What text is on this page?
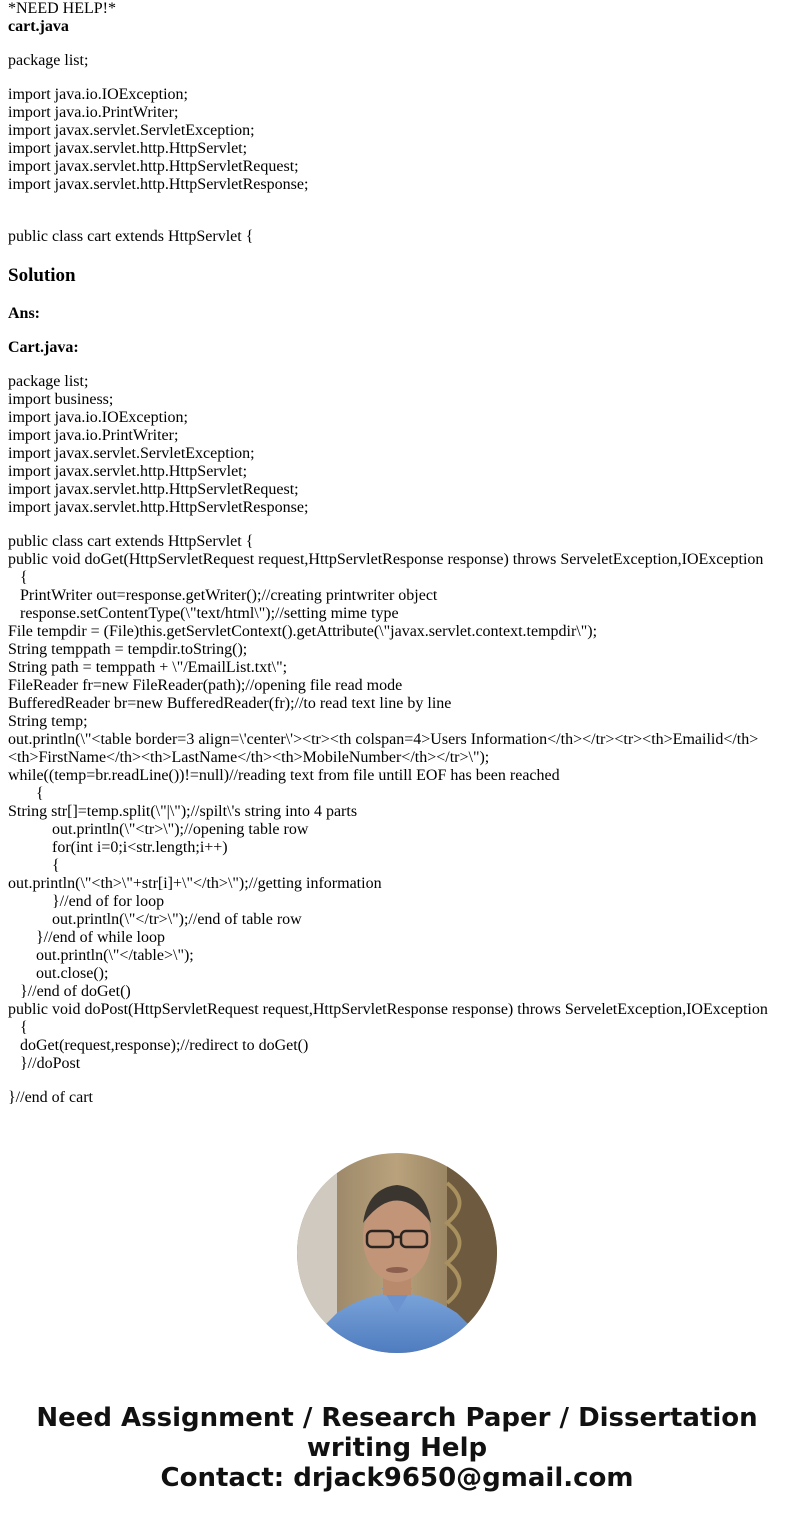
*NEED HELP!*
cart.java
package list;
import java.io.IOException;
import java.io.PrintWriter;
import javax.servlet.ServletException;
import javax.servlet.http.HttpServlet;
import javax.servlet.http.HttpServletRequest;
import javax.servlet.http.HttpServletResponse;
public class cart extends HttpServlet {
Solution
Ans:
Cart.java:
package list;
import business;
import java.io.IOException;
import java.io.PrintWriter;
import javax.servlet.ServletException;
import javax.servlet.http.HttpServlet;
import javax.servlet.http.HttpServletRequest;
import javax.servlet.http.HttpServletResponse;
public class cart extends HttpServlet {
public void doGet(HttpServletRequest request,HttpServletResponse response) throws ServeletException,IOException
{
PrintWriter out=response.getWriter();//creating printwriter object
response.setContentType(\"text/html\");//setting mime type
File tempdir = (File)this.getServletContext().getAttribute(\"javax.servlet.context.tempdir\");
String temppath = tempdir.toString();
String path = temppath + \"/EmailList.txt\";
FileReader fr=new FileReader(path);//opening file read mode
BufferedReader br=new BufferedReader(fr);//to read text line by line
String temp;
out.println(\"<table border=3 align=\'center\'><tr><th colspan=4>Users Information</th></tr><tr><th>Emailid</th>
<th>FirstName</th><th>LastName</th><th>MobileNumber</th></tr>\");
while((temp=br.readLine())!=null)//reading text from file untill EOF has been reached
{
String str[]=temp.split(\"|\");//spilt\'s string into 4 parts
out.println(\"<tr>\");//opening table row
for(int i=0;i<str.length;i++)
{
out.println(\"<th>\"+str[i]+\"</th>\");//getting information
}//end of for loop
out.println(\"</tr>\");//end of table row
}//end of while loop
out.println(\"</table>\");
out.close();
}//end of doGet()
public void doPost(HttpServletRequest request,HttpServletResponse response) throws ServeletException,IOException
{
doGet(request,response);//redirect to doGet()
}//doPost
}//end of cart
Need Assignment / Research Paper / Dissertation
writing Help
Contact: drjack9650@gmail.com
